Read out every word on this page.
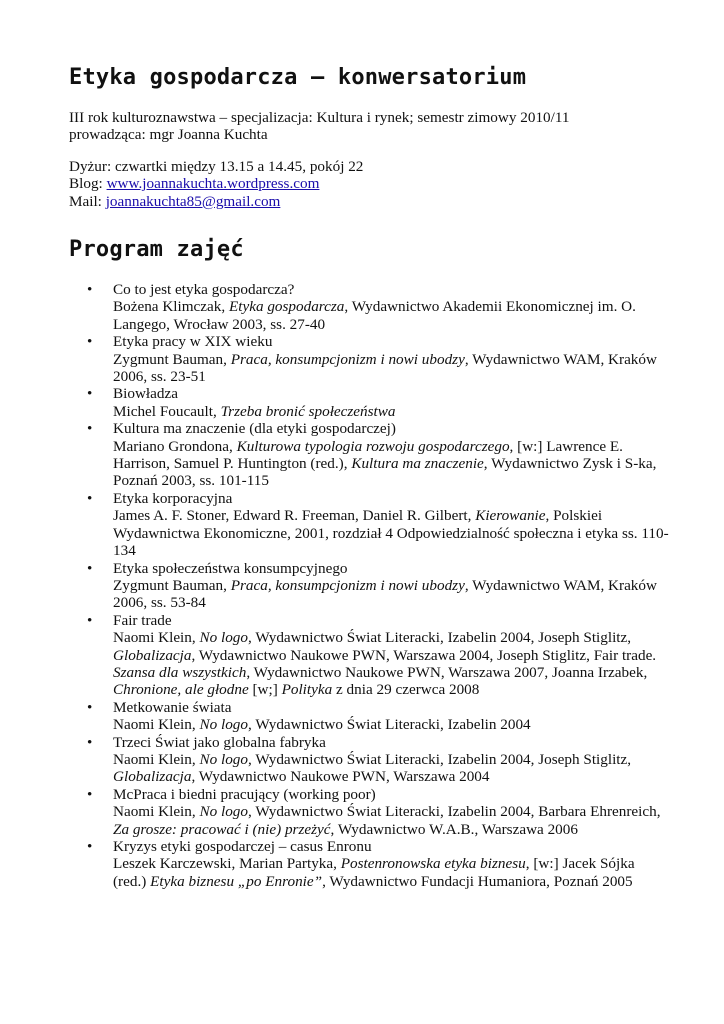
Etyka gospodarcza – konwersatorium
III rok kulturoznawstwa – specjalizacja: Kultura i rynek; semestr zimowy 2010/11
prowadząca: mgr Joanna Kuchta
Dyżur: czwartki między 13.15 a 14.45, pokój 22
Blog: www.joannakuchta.wordpress.com
Mail: joannakuchta85@gmail.com
Program zajęć
• Co to jest etyka gospodarcza?
Bożena Klimczak, Etyka gospodarcza, Wydawnictwo Akademii Ekonomicznej im. O. Langego, Wrocław 2003, ss. 27-40
• Etyka pracy w XIX wieku
Zygmunt Bauman, Praca, konsumpcjonizm i nowi ubodzy, Wydawnictwo WAM, Kraków 2006, ss. 23-51
• Biowładza
Michel Foucault, Trzeba bronić społeczeństwa
• Kultura ma znaczenie (dla etyki gospodarczej)
Mariano Grondona, Kulturowa typologia rozwoju gospodarczego, [w:] Lawrence E. Harrison, Samuel P. Huntington (red.), Kultura ma znaczenie, Wydawnictwo Zysk i S-ka, Poznań 2003, ss. 101-115
• Etyka korporacyjna
James A. F. Stoner, Edward R. Freeman, Daniel R. Gilbert, Kierowanie, Polskiei Wydawnictwa Ekonomiczne, 2001, rozdział 4 Odpowiedzialność społeczna i etyka ss. 110-134
• Etyka społeczeństwa konsumpcyjnego
Zygmunt Bauman, Praca, konsumpcjonizm i nowi ubodzy, Wydawnictwo WAM, Kraków 2006, ss. 53-84
• Fair trade
Naomi Klein, No logo, Wydawnictwo Świat Literacki, Izabelin 2004, Joseph Stiglitz, Globalizacja, Wydawnictwo Naukowe PWN, Warszawa 2004, Joseph Stiglitz, Fair trade. Szansa dla wszystkich, Wydawnictwo Naukowe PWN, Warszawa 2007, Joanna Irzabek, Chronione, ale głodne [w;] Polityka z dnia 29 czerwca 2008
• Metkowanie świata
Naomi Klein, No logo, Wydawnictwo Świat Literacki, Izabelin 2004
• Trzeci Świat jako globalna fabryka
Naomi Klein, No logo, Wydawnictwo Świat Literacki, Izabelin 2004, Joseph Stiglitz, Globalizacja, Wydawnictwo Naukowe PWN, Warszawa 2004
• McPraca i biedni pracujący (working poor)
Naomi Klein, No logo, Wydawnictwo Świat Literacki, Izabelin 2004, Barbara Ehrenreich, Za grosze: pracować i (nie) przeżyć, Wydawnictwo W.A.B., Warszawa 2006
• Kryzys etyki gospodarczej – casus Enronu
Leszek Karczewski, Marian Partyka, Postenronowska etyka biznesu, [w:] Jacek Sójka (red.) Etyka biznesu „po Enronie”, Wydawnictwo Fundacji Humaniora, Poznań 2005
